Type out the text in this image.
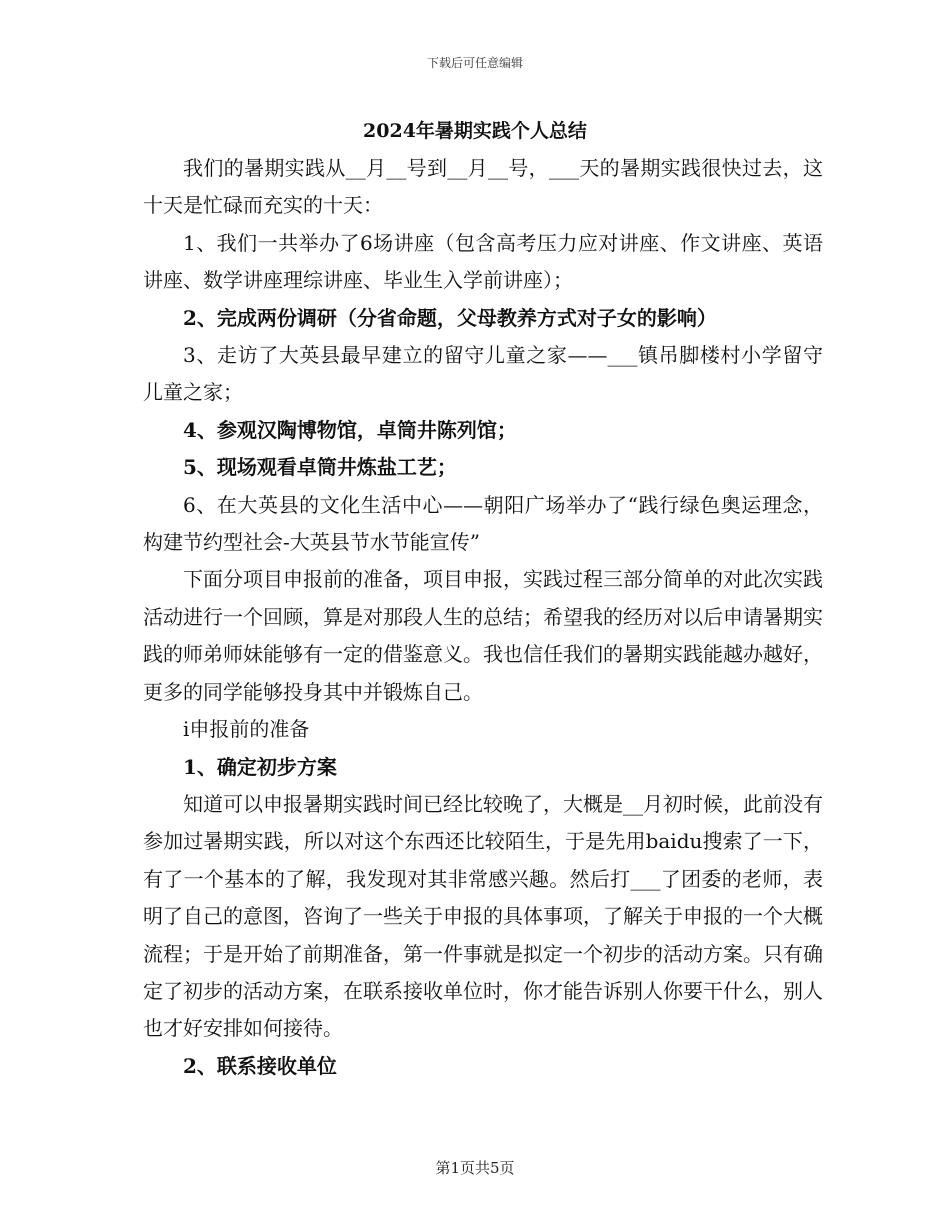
下载后可任意编辑
2024年暑期实践个人总结

我们的暑期实践从__月__号到__月__号，___天的暑期实践很快过去，这十天是忙碌而充实的十天：

1、我们一共举办了6场讲座（包含高考压力应对讲座、作文讲座、英语讲座、数学讲座理综讲座、毕业生入学前讲座）；

2、完成两份调研（分省命题，父母教养方式对子女的影响）

3、走访了大英县最早建立的留守儿童之家——___镇吊脚楼村小学留守儿童之家；

4、参观汉陶博物馆，卓筒井陈列馆；

5、现场观看卓筒井炼盐工艺；

6、在大英县的文化生活中心——朝阳广场举办了“践行绿色奥运理念，构建节约型社会-大英县节水节能宣传”

下面分项目申报前的准备，项目申报，实践过程三部分简单的对此次实践活动进行一个回顾，算是对那段人生的总结；希望我的经历对以后申请暑期实践的师弟师妹能够有一定的借鉴意义。我也信任我们的暑期实践能越办越好，更多的同学能够投身其中并锻炼自己。

i申报前的准备

1、确定初步方案

知道可以申报暑期实践时间已经比较晚了，大概是__月初时候，此前没有参加过暑期实践，所以对这个东西还比较陌生，于是先用baidu搜索了一下，有了一个基本的了解，我发现对其非常感兴趣。然后打___了团委的老师，表明了自己的意图，咨询了一些关于申报的具体事项，了解关于申报的一个大概流程；于是开始了前期准备，第一件事就是拟定一个初步的活动方案。只有确定了初步的活动方案，在联系接收单位时，你才能告诉别人你要干什么，别人也才好安排如何接待。

2、联系接收单位

第1页共5页
